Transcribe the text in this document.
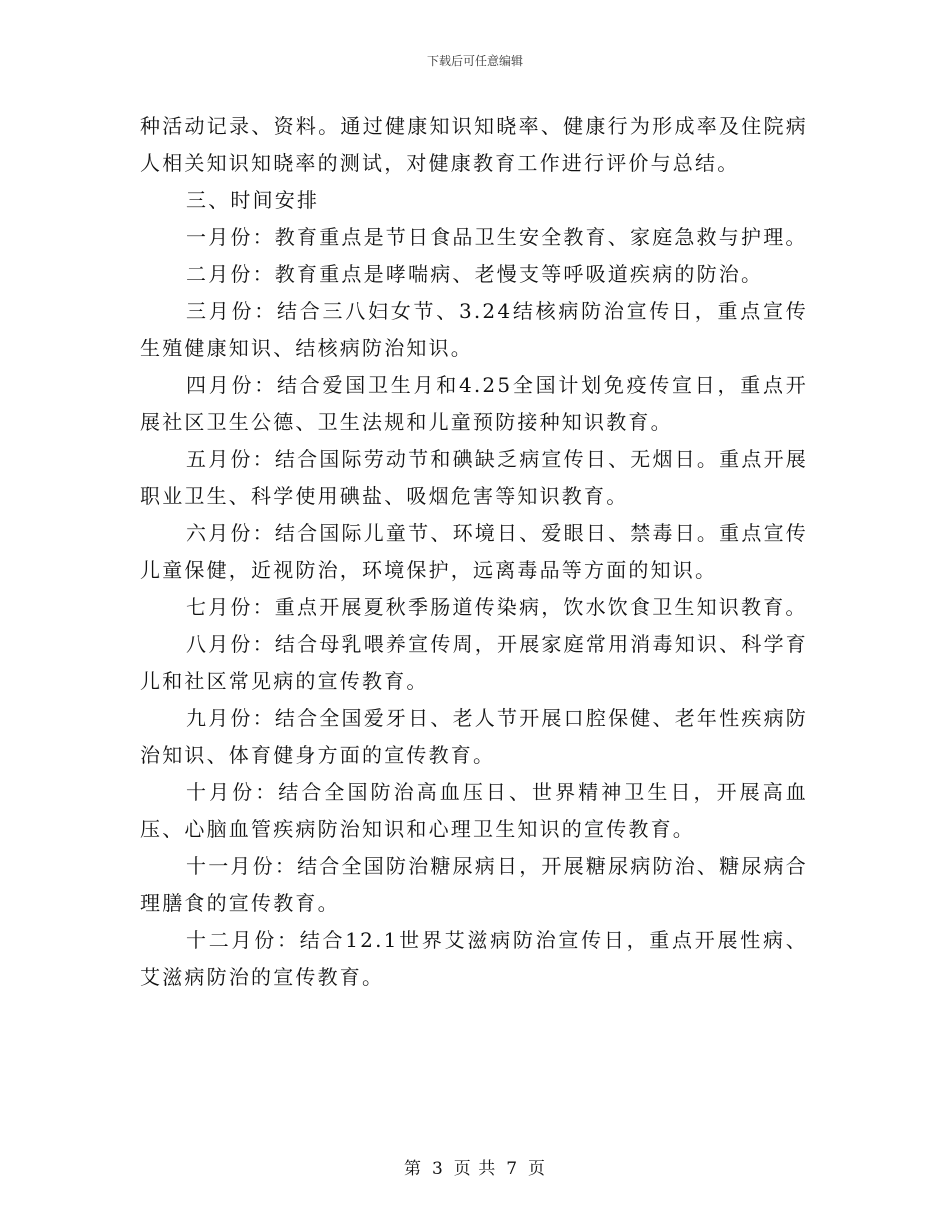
下载后可任意编辑

种活动记录、资料。通过健康知识知晓率、健康行为形成率及住院病人相关知识知晓率的测试，对健康教育工作进行评价与总结。

三、时间安排

一月份：教育重点是节日食品卫生安全教育、家庭急救与护理。

二月份：教育重点是哮喘病、老慢支等呼吸道疾病的防治。

三月份：结合三八妇女节、3.24结核病防治宣传日，重点宣传生殖健康知识、结核病防治知识。

四月份：结合爱国卫生月和4.25全国计划免疫传宣日，重点开展社区卫生公德、卫生法规和儿童预防接种知识教育。

五月份：结合国际劳动节和碘缺乏病宣传日、无烟日。重点开展职业卫生、科学使用碘盐、吸烟危害等知识教育。

六月份：结合国际儿童节、环境日、爱眼日、禁毒日。重点宣传儿童保健，近视防治，环境保护，远离毒品等方面的知识。

七月份：重点开展夏秋季肠道传染病，饮水饮食卫生知识教育。

八月份：结合母乳喂养宣传周，开展家庭常用消毒知识、科学育儿和社区常见病的宣传教育。

九月份：结合全国爱牙日、老人节开展口腔保健、老年性疾病防治知识、体育健身方面的宣传教育。

十月份：结合全国防治高血压日、世界精神卫生日，开展高血压、心脑血管疾病防治知识和心理卫生知识的宣传教育。

十一月份：结合全国防治糖尿病日，开展糖尿病防治、糖尿病合理膳食的宣传教育。

十二月份：结合12.1世界艾滋病防治宣传日，重点开展性病、艾滋病防治的宣传教育。

第 3 页 共 7 页
